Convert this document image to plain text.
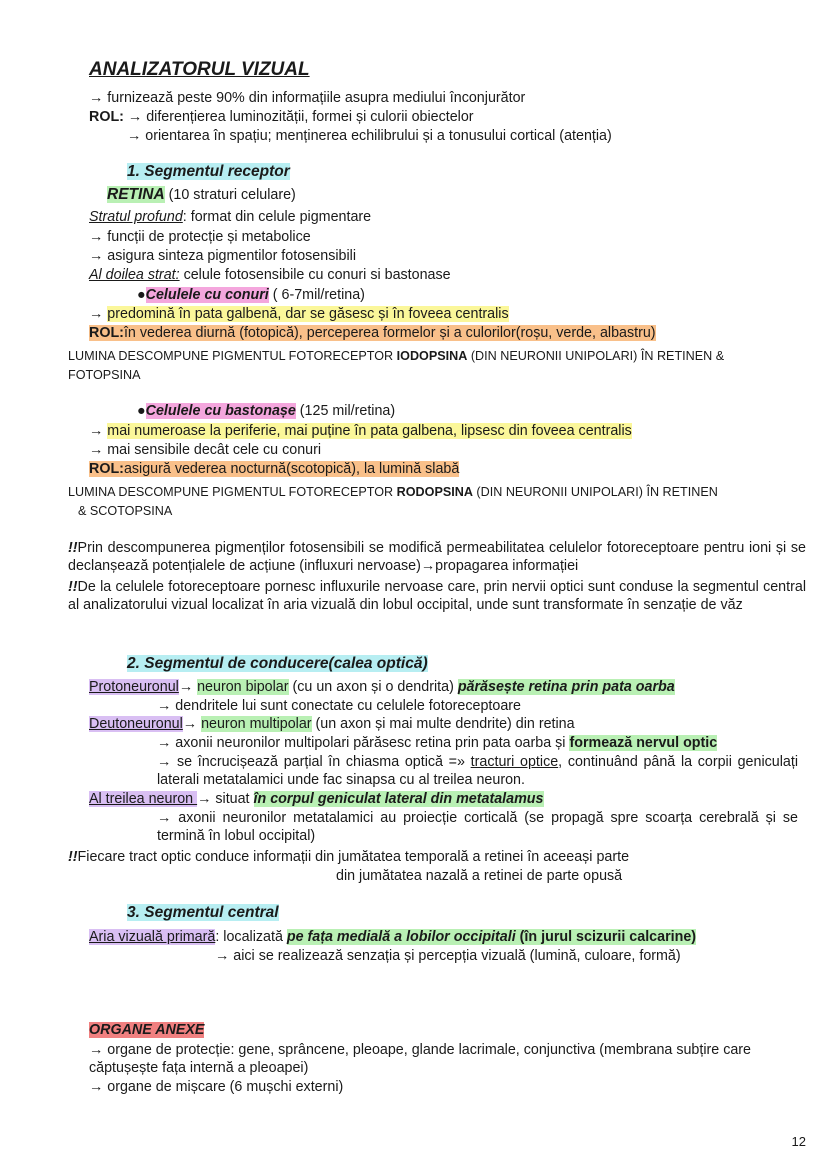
ANALIZATORUL VIZUAL
→ furnizează peste 90% din informațiile asupra mediului înconjurător
ROL: → diferențierea luminozității, formei și culorii obiectelor
→ orientarea în spațiu; menținerea echilibrului și a tonusului cortical (atenția)
1. Segmentul receptor
RETINA (10 straturi celulare)
Stratul profund: format din celule pigmentare
→ funcții de protecție și metabolice
→ asigura sinteza pigmentilor fotosensibili
Al doilea strat: celule fotosensibile cu conuri si bastonase
●Celulele cu conuri ( 6-7mil/retina)
→ predomină în pata galbenă, dar se găsesc și în foveea centralis
ROL:în vederea diurnă (fotopică), perceperea formelor și a culorilor(roșu, verde, albastru)
LUMINA DESCOMPUNE PIGMENTUL FOTORECEPTOR IODOPSINA (DIN NEURONII UNIPOLARI) ÎN RETINEN &
FOTOPSINA
●Celulele cu bastonașe (125 mil/retina)
→ mai numeroase la periferie, mai puține în pata galbena, lipsesc din foveea centralis
→ mai sensibile decât cele cu conuri
ROL:asigură vederea nocturnă(scotopică), la lumină slabă
LUMINA DESCOMPUNE PIGMENTUL FOTORECEPTOR RODOPSINA (DIN NEURONII UNIPOLARI) ÎN RETINEN
& SCOTOPSINA
!!Prin descompunerea pigmenților fotosensibili se modifică permeabilitatea celulelor fotoreceptoare pentru ioni și se declanșează potențialele de acțiune (influxuri nervoase)→propagarea informației
!!De la celulele fotoreceptoare pornesc influxurile nervoase care, prin nervii optici sunt conduse la segmentul central al analizatorului vizual localizat în aria vizuală din lobul occipital, unde sunt transformate în senzație de văz
2. Segmentul de conducere(calea optică)
Protoneuronul→ neuron bipolar (cu un axon și o dendrita) părăsește retina prin pata oarba
→ dendritele lui sunt conectate cu celulele fotoreceptoare
Deutoneuronul→ neuron multipolar (un axon și mai multe dendrite) din retina
→ axonii neuronilor multipolari părăsesc retina prin pata oarba și formează nervul optic
→ se încrucișează parțial în chiasma optică =» tracturi optice, continuând până la corpii geniculați laterali metatalamici unde fac sinapsa cu al treilea neuron.
Al treilea neuron → situat în corpul geniculat lateral din metatalamus
→ axonii neuronilor metatalamici au proiecție corticală (se propagă spre scoarța cerebrală și se termină în lobul occipital)
!!Fiecare tract optic conduce informații din jumătatea temporală a retinei în aceeași parte
din jumătatea nazală a retinei de parte opusă
3. Segmentul central
Aria vizuală primară: localizată pe fața medială a lobilor occipitali (în jurul scizurii calcarine)
→ aici se realizează senzația și percepția vizuală (lumină, culoare, formă)
ORGANE ANEXE
→ organe de protecție: gene, sprâncene, pleoape, glande lacrimale, conjunctiva (membrana subțire care căptușește fața internă a pleoapei)
→ organe de mișcare (6 mușchi externi)
12
